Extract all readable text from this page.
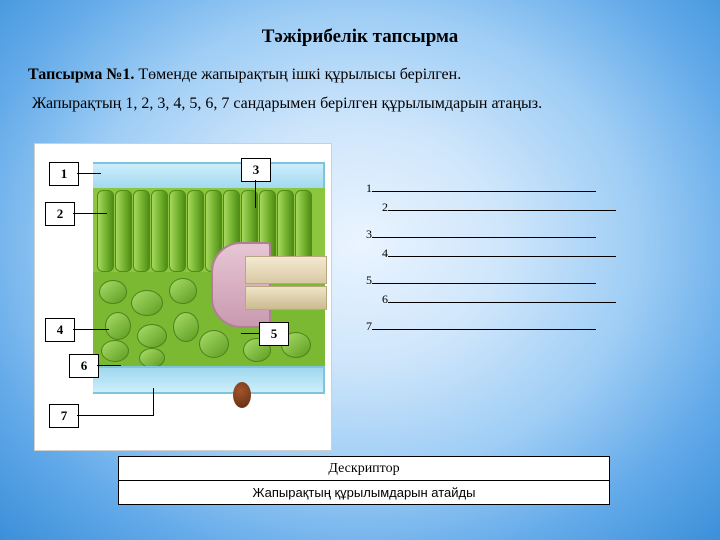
Тәжірибелік тапсырма
Тапсырма №1. Төменде жапырақтың ішкі құрылысы берілген.
Жапырақтың 1, 2, 3, 4, 5, 6, 7 сандарымен берілген құрылымдарын атаңыз.
1
2
3
4	5
6
7
1
2
3
4
5
6
7
Дескриптор
Жапырақтың құрылымдарын атайды
